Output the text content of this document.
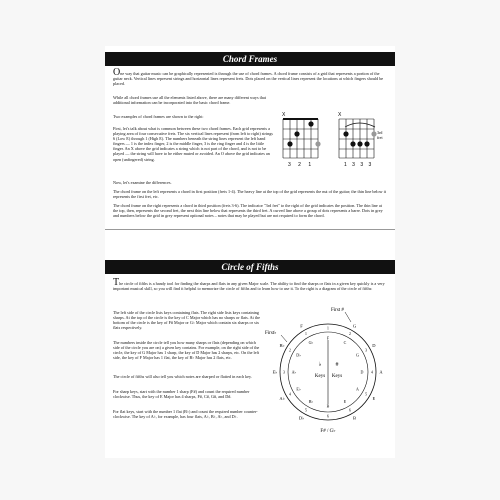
Chord Frames

One way that guitar music can be graphically represented is through the use of chord frames. A chord frame consists of a grid that represents a portion of the guitar neck. Vertical lines represent strings and horizontal lines represent frets. Dots placed on the vertical lines represent the locations at which fingers should be placed.

While all chord frames use all the elements listed above, there are many different ways that additional information can be incorporated into the basic chord frame.

Two examples of chord frames are shown to the right:

First, let's talk about what is common between these two chord frames. Each grid represents a playing area of four consecutive frets. The six vertical lines represent (from left to right) strings 6 (Low E) through 1 (High E). The numbers beneath the string lines represent the left hand fingers — 1 is the index finger, 2 is the middle finger, 3 is the ring finger and 4 is the little finger. An X above the grid indicates a string which is not part of the chord, and is not to be played — the string will have to be either muted or avoided. An O above the grid indicates an open (unfingered) string.

X
3 2 1
X
3rd
fret
1 3 3 3

Now, let's examine the differences.

The chord frame on the left represents a chord in first position (frets 1-4). The heavy line at the top of the grid represents the nut of the guitar; the thin line below it represents the first fret, etc.

The chord frame on the right represents a chord in third position (frets 3-6). The indicator "3rd fret" to the right of the grid indicates the position. The thin line at the top, then, represents the second fret, the next thin line below that represents the third fret. A curved line above a group of dots represents a barre. Dots in grey and numbers below the grid in grey represent optional notes – notes that may be played but are not required to form the chord.

Circle of Fifths

The circle of fifths is a handy tool for finding the sharps and flats in any given Major scale. The ability to find the sharps or flats in a given key quickly is a very important musical skill, so you will find it helpful to memorize the circle of fifths and to learn how to use it. To the right is a diagram of the circle of fifths:

The left side of the circle lists keys containing flats. The right side lists keys containing sharps. At the top of the circle is the key of C Major which has no sharps or flats. At the bottom of the circle is the key of F# Major or G♭ Major which contain six sharps or six flats respectively.

The numbers inside the circle tell you how many sharps or flats (depending on which side of the circle you are on) a given key contains. For example, on the right side of the circle, the key of G Major has 1 sharp, the key of D Major has 2 sharps, etc. On the left side, the key of F Major has 1 flat, the key of B♭ Major has 2 flats, etc.

The circle of fifths will also tell you which notes are sharped or flatted in each key.

For sharp keys, start with the number 1 sharp (F#) and count the required number clockwise. Thus, the key of E Major has 4 sharps, F#, C#, G#, and D#.

For flat keys, start with the number 1 flat (B♭) and count the required number counter-clockwise. The key of A♭, for example, has four flats, A♭, B♭, A♭, and D♭.

First #
First♭
♭
Keys
#
Keys
F# / G♭
1
F
G
2
C
D
3
G
A
4
D
E
5
A
B
6
E
6
B
D♭
5
B♭
A♭
4
E♭
E♭ 3 A♭
B♭
2
D♭
F
1
G♭
